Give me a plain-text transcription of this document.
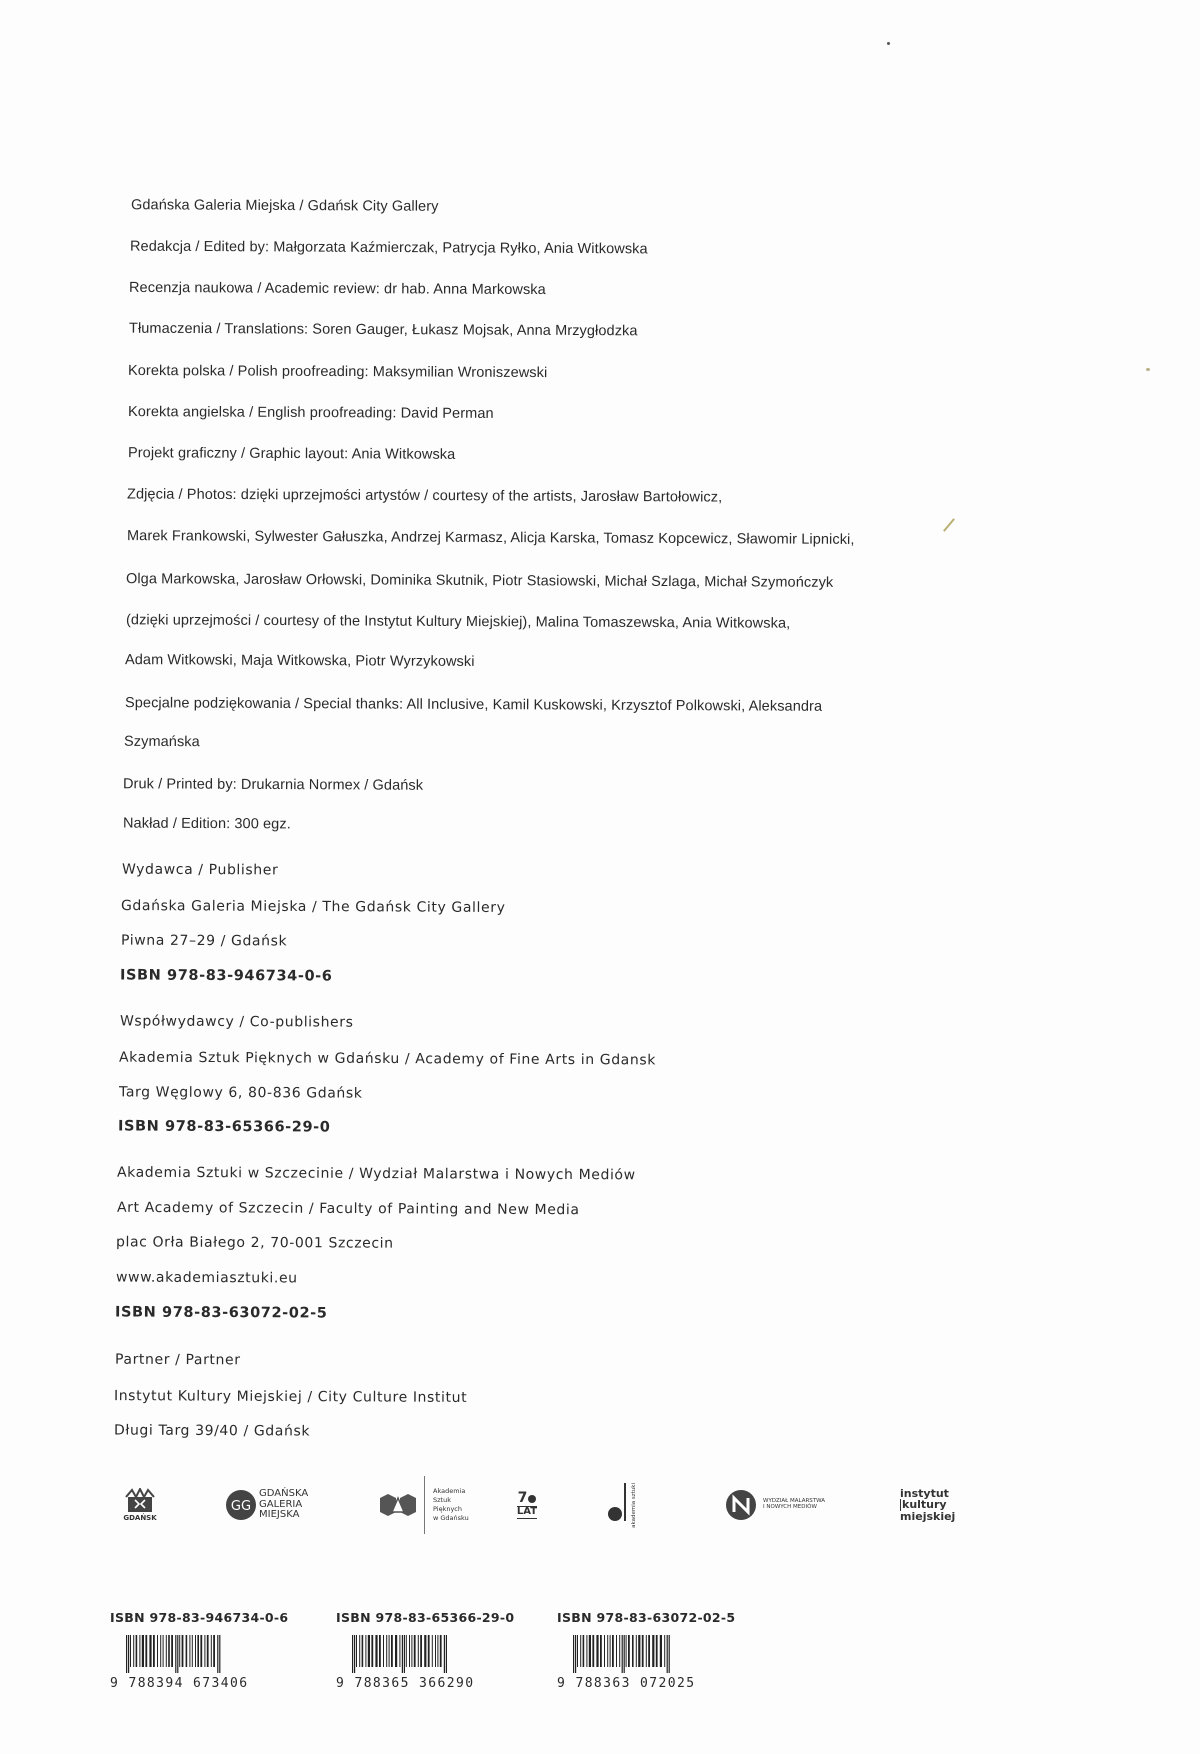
Gdańska Galeria Miejska / Gdańsk City Gallery
Redakcja / Edited by: Małgorzata Kaźmierczak, Patrycja Ryłko, Ania Witkowska
Recenzja naukowa / Academic review: dr hab. Anna Markowska
Tłumaczenia / Translations: Soren Gauger, Łukasz Mojsak, Anna Mrzygłodzka
Korekta polska / Polish proofreading: Maksymilian Wroniszewski
Korekta angielska / English proofreading: David Perman
Projekt graficzny / Graphic layout: Ania Witkowska
Zdjęcia / Photos: dzięki uprzejmości artystów / courtesy of the artists, Jarosław Bartołowicz,
Marek Frankowski, Sylwester Gałuszka, Andrzej Karmasz, Alicja Karska, Tomasz Kopcewicz, Sławomir Lipnicki,
Olga Markowska, Jarosław Orłowski, Dominika Skutnik, Piotr Stasiowski, Michał Szlaga, Michał Szymończyk
(dzięki uprzejmości / courtesy of the Instytut Kultury Miejskiej), Malina Tomaszewska, Ania Witkowska,
Adam Witkowski, Maja Witkowska, Piotr Wyrzykowski
Specjalne podziękowania / Special thanks: All Inclusive, Kamil Kuskowski, Krzysztof Polkowski, Aleksandra
Szymańska
Druk / Printed by: Drukarnia Normex / Gdańsk
Nakład / Edition: 300 egz.
Wydawca / Publisher
Gdańska Galeria Miejska / The Gdańsk City Gallery
Piwna 27–29 / Gdańsk
ISBN 978-83-946734-0-6
Współwydawcy / Co-publishers
Akademia Sztuk Pięknych w Gdańsku / Academy of Fine Arts in Gdansk
Targ Węglowy 6, 80-836 Gdańsk
ISBN 978-83-65366-29-0
Akademia Sztuki w Szczecinie / Wydział Malarstwa i Nowych Mediów
Art Academy of Szczecin / Faculty of Painting and New Media
plac Orła Białego 2, 70-001 Szczecin
www.akademiasztuki.eu
ISBN 978-83-63072-02-5
Partner / Partner
Instytut Kultury Miejskiej / City Culture Institut
Długi Targ 39/40 / Gdańsk
GDAŃSK
GG
GDAŃSKA
GALERIA
MIEJSKA
Akademia
Sztuk
Pięknych
w Gdańsku
7
LAT	akademia sztuki	WYDZIAŁ MALARSTWA
I NOWYCH MEDIÓW
instytut
kultury
miejskiej
ISBN 978-83-946734-0-6
9 788394 673406
ISBN 978-83-65366-29-0
9 788365 366290
ISBN 978-83-63072-02-5
9 788363 072025
